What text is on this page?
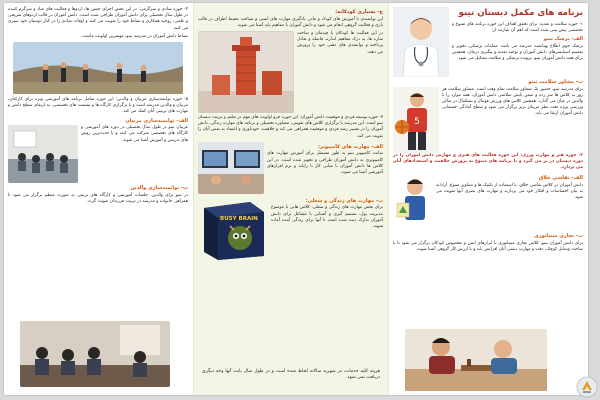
برنامه های مکمل دبستان تینو

۱- حوزه سلامت و تغذیه: برای تحقق اهداف این حوزه برنامه های متنوع و تخصصی پیش بینی شده است که اهم آن عبارتند از:

الف- پزشک تینو

پزشک جوی اطلاع بهداشت مدرسه می باشد. معاینات پزشکی، تجویز و تقسیم اسپانسرهای دانش آموزان و توجیه تغذیه و پیگیری درمان، همچنین برای همه دانش آموزان تینو، پرونده پزشکی و سلامت تشکیل می شود.

ب- مشاور سلامت تینو

برای مدرسه تینو، حضور یک مشاور سلامت تمام وقت است. مشاور سلامت هر روز به کلاس ها سر زده و ضمن پایش سلامتی دانش آموزان، همه موارد را با والدین در میان می گذارد. همچنین کلاس های ورزش فوتبال و بسکتبال در سالن ورزشی ویژه تحت نظر مربیان برتر برگزار می شود و سطح آمادگی جسمانی دانش آموزان ارتقا می یابد.

5

۲- حوزه هنر و مهارت ورزی: این حوزه فعالیت های هنری و مهارتی دانش آموزان را در دوره دبستان در بر می گیرد و با برنامه های متنوع به پرورش خلاقیت و استعدادهای آنان می پردازد.

الف- نقاشی خلاق

دانش آموزان در کلاس نقاشی خلاق، با استفاده از تکنیک ها و تصاویر متنوع، آزادانه به بیان احساسات و افکار خود می پردازند و مهارت های بصری آنها تقویت می شود.

ب- نجاری مینیاتوری

برای دانش آموزان تینو، کلاس نجاری مینیاتوری با ابزارهای ایمن و مخصوص کودکان برگزار می شود تا با ساخت وسایل کوچک، دقت و مهارت دستی آنان افزایش یابد و با ارزش کار گروهی آشنا شوند.

ج- بشیاری کودکانه:

این توانمندی با آموزش های کودک و مادر، یادگیری مهارت های ایمنی و شناخت محیط اطراف در قالب بازی و فعالیت گروهی انجام می شود و دانش آموزان با مفاهیم پایه آشنا می شوند.

در این فعالیت ها کودکان با چیدمان و ساخت سازه ها، به درک مفاهیم اندازه، فاصله و تعادل پرداخته و توانمندی های ذهنی خود را پرورش می دهند.

۳- حوزه توسعه فردی و موفقیت دانش آموزان: این حوزه جزو اولویت های مهم در تعلیم و تربیت دبستان تینو است. این مدرسه با برگزاری کلاس های تقویتی، مشاوره تحصیلی و برنامه های مهارت زندگی، دانش آموزان را در مسیر رشد فردی و موفقیت همراهی می کند و خلاقیت، خودباوری و اعتماد به نفس آنان را تقویت می کند.

الف- مهارت های کامپیوتر:

سایت کامپیوتر تینو به طور مستقل برای آموزش مهارت های کامپیوتری به دانش آموزان طراحی و تجهیز شده است. در این کلاس ها دانش آموزان با مبانی کار با رایانه و نرم افزارهای آموزشی آشنا می شوند.

ب- مهارت های زندگی و شغلی:

برای بخش مهارت های زندگی و شغلی، کلاس هایی با موضوع مدیریت پول، تصمیم گیری و آشنایی با مشاغل برای دانش آموزان تدارک دیده شده است تا آنها برای زندگی آینده آماده شوند.

BUSY BRAIN

هزینه کلیه خدمات، در شهریه سالانه لحاظ شده است و در طول سال بابت آنها وجه دیگری دریافت نمی شود.

۴- حوزه شادی و سرگرمی: در این بخش اجرای جشن ها، اردوها و فعالیت های شاد و سرگرم کننده در طول سال تحصیلی برای دانش آموزان طراحی شده است. دانش آموزان در قالب اردوهای تفریحی و علمی، روحیه همکاری و نشاط خود را تقویت می کنند و اوقات شادی را در کنار دوستان خود سپری می کنند.

نشاط دانش آموزان در مدرسه تینو، مهمترین اولویت ماست.

۵- حوزه توانمندسازی مربیان و والدین: این حوزه شامل برنامه های آموزشی ویژه برای کارکنان، مربیان و والدین مدرسه است و با برگزاری کارگاه ها و نشست های تخصصی، به ارتقای سطح دانش و مهارت های تربیتی آنان کمک می کند.

الف- توانمندسازی مربیان

مربیان تینو در طول سال تحصیلی در دوره های آموزشی و کارگاه های تخصصی شرکت می کنند و با جدیدترین روش های تدریس و آموزش آشنا می شوند.

ب- توانمندسازی والدین

در تینو برای والدین، جلسات آموزشی و کارگاه های تربیتی به صورت منظم برگزار می شود تا همراهی خانواده و مدرسه در تربیت فرزندان تقویت گردد.
